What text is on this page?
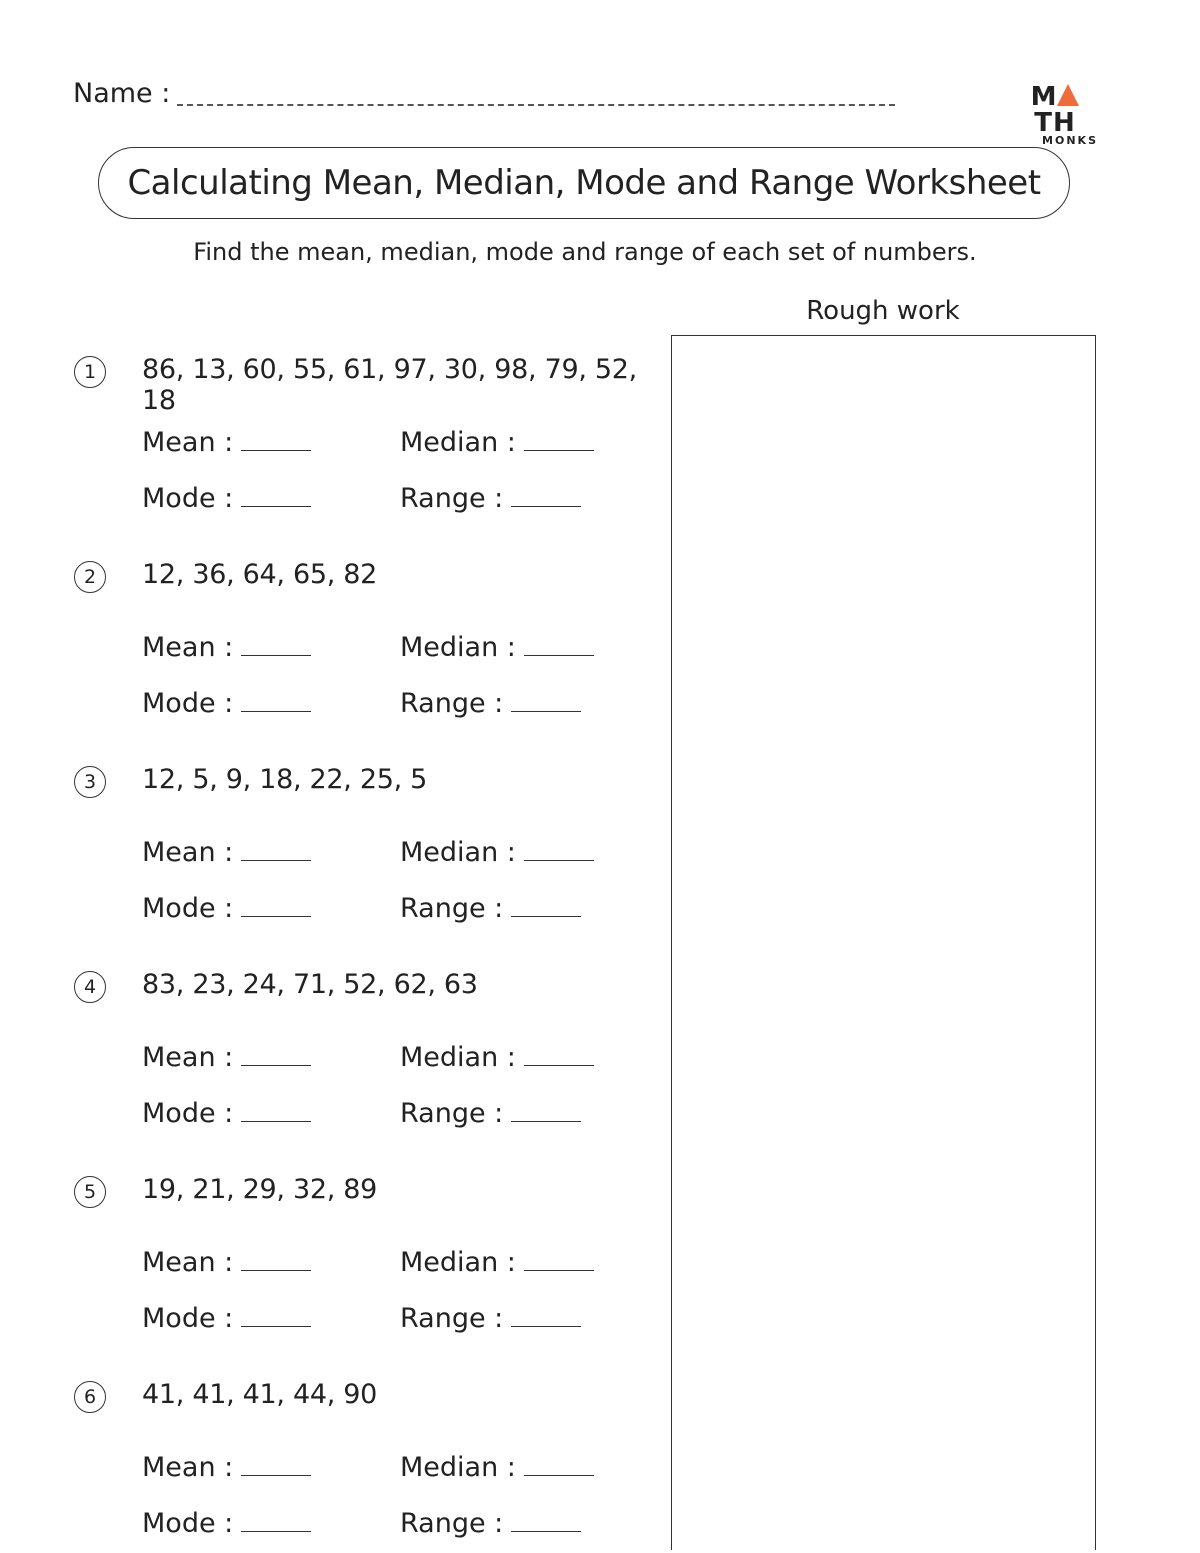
Name :	MTH
MONKS
Calculating Mean, Median, Mode and Range Worksheet
Find the mean, median, mode and range of each set of numbers.
Rough work
1	86, 13, 60, 55, 61, 97, 30, 98, 79, 52, 18
Mean :	Median :
Mode :	Range :
2	12, 36, 64, 65, 82
Mean :	Median :
Mode :	Range :
3	12, 5, 9, 18, 22, 25, 5
Mean :	Median :
Mode :	Range :
4	83, 23, 24, 71, 52, 62, 63
Mean :	Median :
Mode :	Range :
5	19, 21, 29, 32, 89
Mean :	Median :
Mode :	Range :
6	41, 41, 41, 44, 90
Mean :	Median :
Mode :	Range :
